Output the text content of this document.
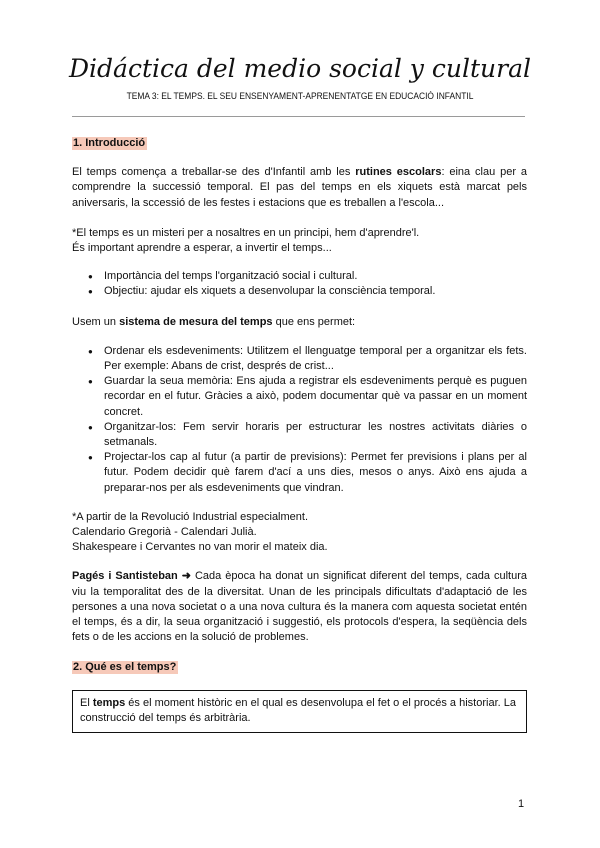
Didáctica del medio social y cultural
TEMA 3: EL TEMPS. EL SEU ENSENYAMENT-APRENENTATGE EN EDUCACIÓ INFANTIL

1. Introducció

El temps comença a treballar-se des d'Infantil amb les rutines escolars: eina clau per a comprendre la successió temporal. El pas del temps en els xiquets està marcat pels aniversaris, la sccessió de les festes i estacions que es treballen a l'escola...

*El temps es un misteri per a nosaltres en un principi, hem d'aprendre'l.

És important aprendre a esperar, a invertir el temps...

● Importància del temps l'organització social i cultural.
● Objectiu: ajudar els xiquets a desenvolupar la consciència temporal.

Usem un sistema de mesura del temps que ens permet:

● Ordenar els esdeveniments: Utilitzem el llenguatge temporal per a organitzar els fets. Per exemple: Abans de crist, després de crist...
● Guardar la seua memòria: Ens ajuda a registrar els esdeveniments perquè es puguen recordar en el futur. Gràcies a això, podem documentar què va passar en un moment concret.
● Organitzar-los: Fem servir horaris per estructurar les nostres activitats diàries o setmanals.
● Projectar-los cap al futur (a partir de previsions): Permet fer previsions i plans per al futur. Podem decidir què farem d'ací a uns dies, mesos o anys. Això ens ajuda a preparar-nos per als esdeveniments que vindran.

*A partir de la Revolució Industrial especialment.

Calendario Gregorià - Calendari Julià.

Shakespeare i Cervantes no van morir el mateix dia.

Pagés i Santisteban ➜ Cada època ha donat un significat diferent del temps, cada cultura viu la temporalitat des de la diversitat. Unan de les principals dificultats d'adaptació de les persones a una nova societat o a una nova cultura és la manera com aquesta societat entén el temps, és a dir, la seua organització i suggestió, els protocols d'espera, la seqüència dels fets o de les accions en la solució de problemes.

2. Qué es el temps?

El temps és el moment històric en el qual es desenvolupa el fet o el procés a historiar. La construcció del temps és arbitrària.
1
